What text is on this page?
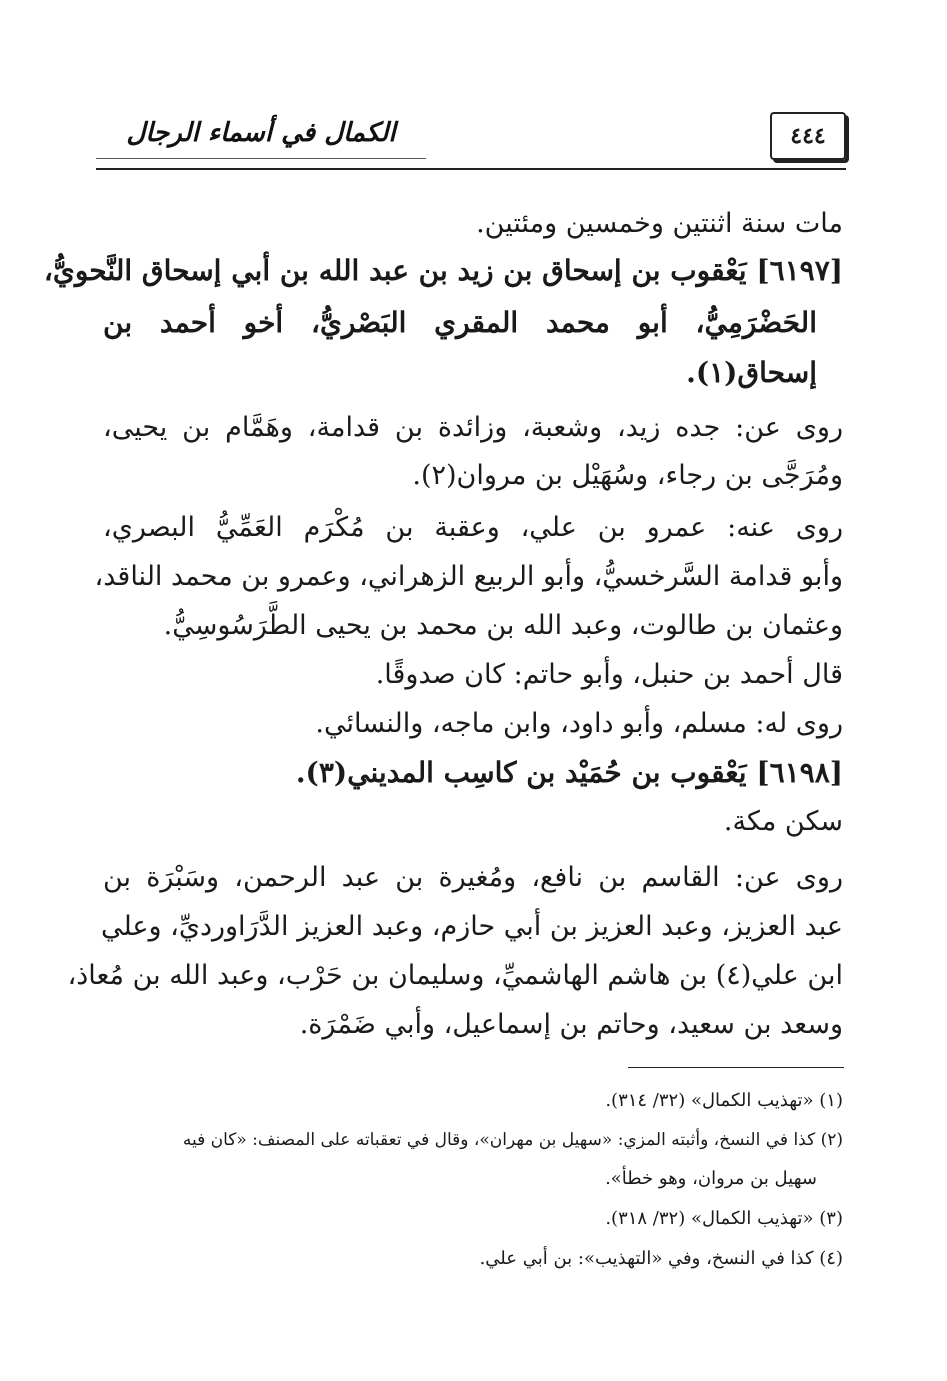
٤٤٤
الكمال في أسماء الرجال
مات سنة اثنتين وخمسين ومئتين.
[٦١٩٧] يَعْقوب بن إسحاق بن زيد بن عبد الله بن أبي إسحاق النَّحويُّ،
الحَضْرَمِيُّ، أبو محمد المقري البَصْريُّ، أخو أحمد بن
إسحاق(١).
روى عن: جده زيد، وشعبة، وزائدة بن قدامة، وهَمَّام بن يحيى،
ومُرَجَّى بن رجاء، وسُهَيْل بن مروان(٢).
روى عنه: عمرو بن علي، وعقبة بن مُكْرَم العَمِّيُّ البصري،
وأبو قدامة السَّرخسيُّ، وأبو الربيع الزهراني، وعمرو بن محمد الناقد،
وعثمان بن طالوت، وعبد الله بن محمد بن يحيى الطَّرَسُوسِيُّ.
قال أحمد بن حنبل، وأبو حاتم: كان صدوقًا.
روى له: مسلم، وأبو داود، وابن ماجه، والنسائي.
[٦١٩٨] يَعْقوب بن حُمَيْد بن كاسِب المديني(٣).
سكن مكة.
روى عن: القاسم بن نافع، ومُغيرة بن عبد الرحمن، وسَبْرَة بن
عبد العزيز، وعبد العزيز بن أبي حازم، وعبد العزيز الدَّرَاورديِّ، وعلي
ابن علي(٤) بن هاشم الهاشميِّ، وسليمان بن حَرْب، وعبد الله بن مُعاذ،
وسعد بن سعيد، وحاتم بن إسماعيل، وأبي ضَمْرَة.
(١) «تهذيب الكمال» (٣٢/ ٣١٤).
(٢) كذا في النسخ، وأثبته المزي: «سهيل بن مهران»، وقال في تعقباته على المصنف: «كان فيه
سهيل بن مروان، وهو خطأ».
(٣) «تهذيب الكمال» (٣٢/ ٣١٨).
(٤) كذا في النسخ، وفي «التهذيب»: بن أبي علي.
